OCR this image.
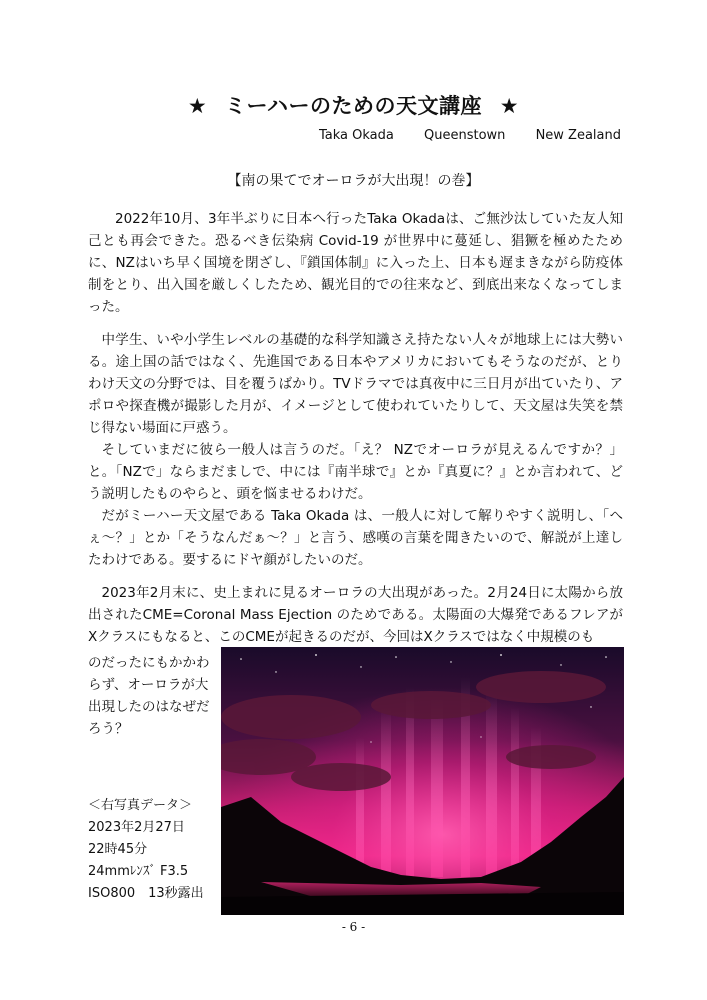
★ ミーハーのための天文講座 ★
Taka Okada Queenstown New Zealand
【南の果てでオーロラが大出現！の巻】

2022年10月、3年半ぶりに日本へ行ったTaka Okadaは、ご無沙汰していた友人知己とも再会できた。恐るべき伝染病 Covid-19 が世界中に蔓延し、猖獗を極めたために、NZはいち早く国境を閉ざし、『鎖国体制』に入った上、日本も遅まきながら防疫体制をとり、出入国を厳しくしたため、観光目的での往来など、到底出来なくなってしまった。

中学生、いや小学生レベルの基礎的な科学知識さえ持たない人々が地球上には大勢いる。途上国の話ではなく、先進国である日本やアメリカにおいてもそうなのだが、とりわけ天文の分野では、目を覆うばかり。TVドラマでは真夜中に三日月が出ていたり、アポロや探査機が撮影した月が、イメージとして使われていたりして、天文屋は失笑を禁じ得ない場面に戸惑う。

そしていまだに彼ら一般人は言うのだ。「え？ NZでオーロラが見えるんですか？」と。「NZで」ならまだましで、中には『南半球で』とか『真夏に？』とか言われて、どう説明したものやらと、頭を悩ませるわけだ。

だがミーハー天文屋である Taka Okada は、一般人に対して解りやすく説明し、「へぇ～？」とか「そうなんだぁ～？」と言う、感嘆の言葉を聞きたいので、解説が上達したわけである。要するにドヤ顔がしたいのだ。

2023年2月末に、史上まれに見るオーロラの大出現があった。2月24日に太陽から放出されたCME=Coronal Mass Ejection のためである。太陽面の大爆発であるフレアがXクラスにもなると、このCMEが起きるのだが、今回はXクラスではなく中規模のも

のだったにもかかわらず、オーロラが大出現したのはなぜだろう？
＜右写真データ＞
2023年2月27日
22時45分
24mmﾚﾝｽﾞ F3.5
ISO800　13秒露出
- 6 -
